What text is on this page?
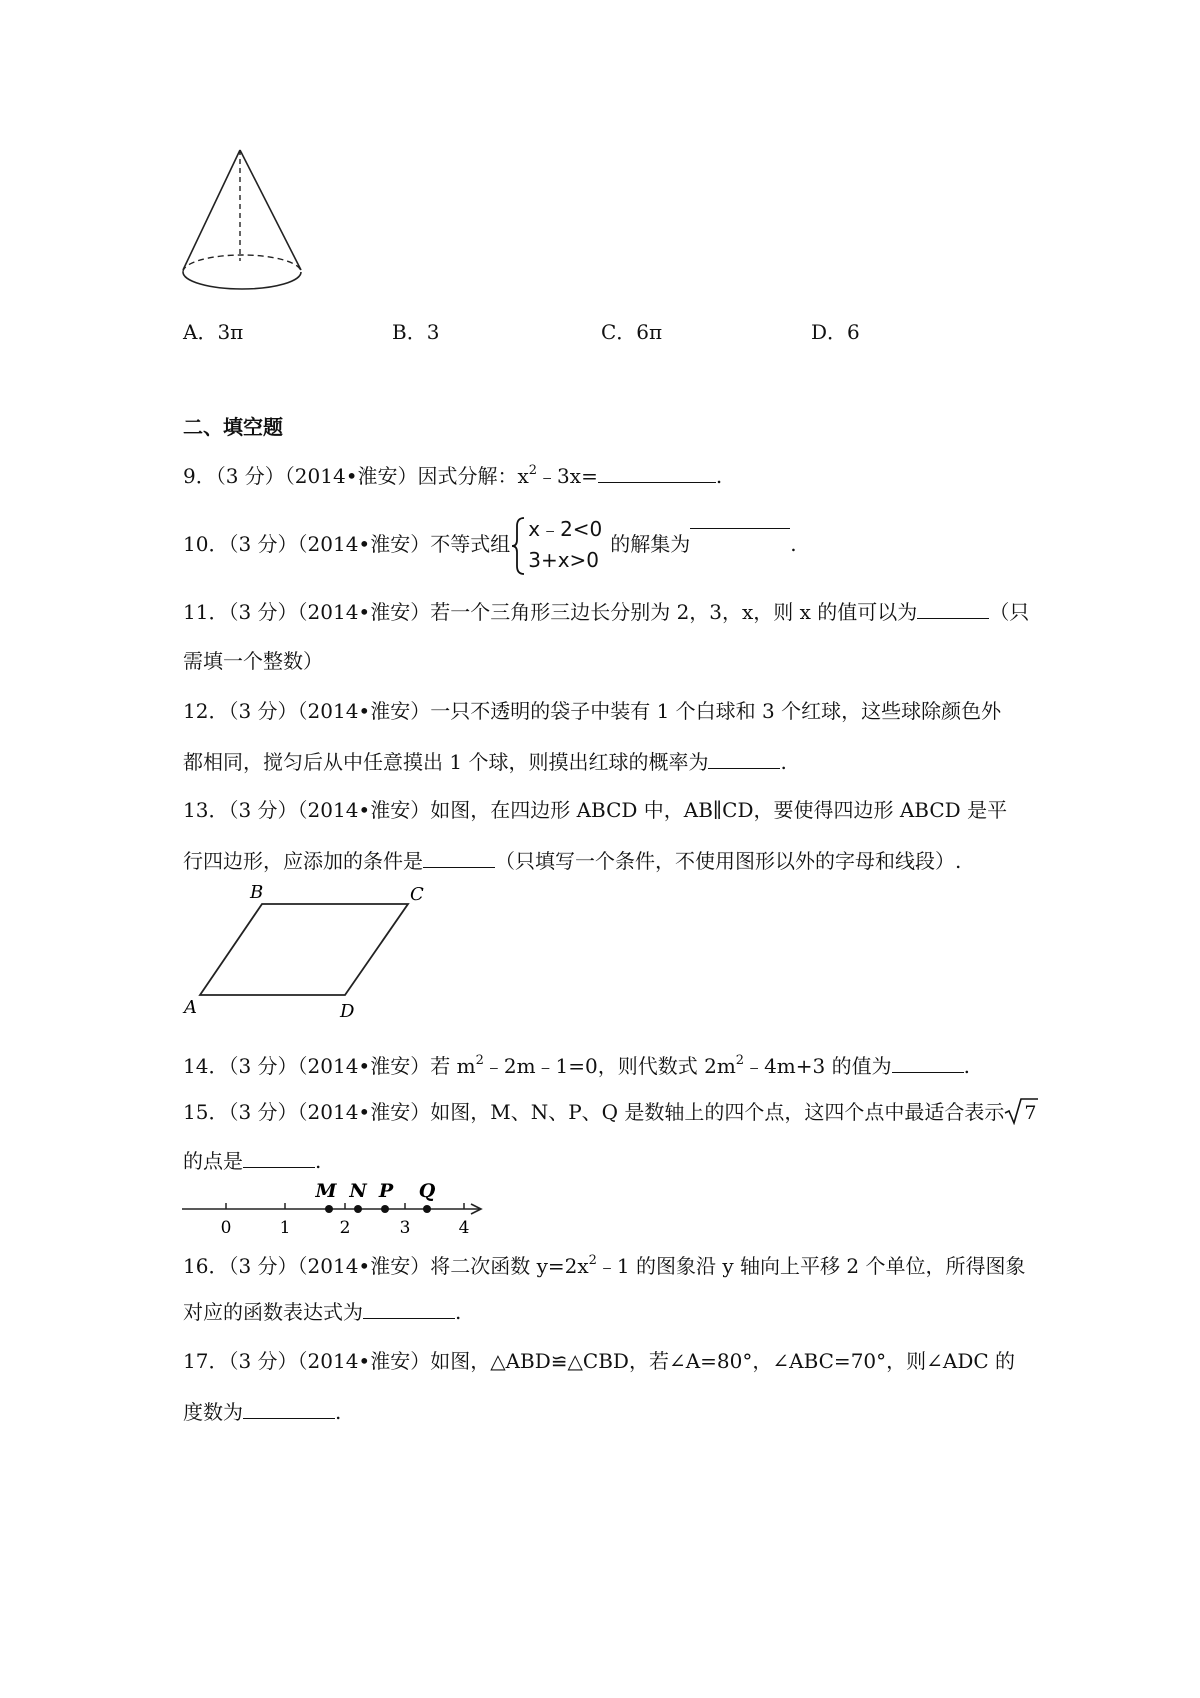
A．3π	B．3	C．6π	D．6
二、填空题
9．（3 分）（2014•淮安）因式分解：$x^2﹣3x=$	.
10．（3 分）（2014•淮安）不等式组
x﹣2<0
3+x>0
的解集为	.
11．（3 分）（2014•淮安）若一个三角形三边长分别为 2，3，x，则 x 的值可以为	（只
需填一个整数）
12．（3 分）（2014•淮安）一只不透明的袋子中装有 1 个白球和 3 个红球，这些球除颜色外
都相同，搅匀后从中任意摸出 1 个球，则摸出红球的概率为	.
13．（3 分）（2014•淮安）如图，在四边形 ABCD 中，AB∥CD，要使得四边形 ABCD 是平
行四边形，应添加的条件是	（只填写一个条件，不使用图形以外的字母和线段）.
A
B	C
D
14．（3 分）（2014•淮安）若 $m^2﹣2m﹣1=0$，则代数式 $2m^2﹣4m+3$ 的值为	.
15．（3 分）（2014•淮安）如图，M、N、P、Q 是数轴上的四个点，这四个点中最适合表示 7
的点是	.
0	1	2	3	4
M N P Q
16．（3 分）（2014•淮安）将二次函数 $y=2x^2﹣1$ 的图象沿 y 轴向上平移 2 个单位，所得图象
对应的函数表达式为	.
17．（3 分）（2014•淮安）如图，△ABD≌△CBD，若∠A=80°，∠ABC=70°，则∠ADC 的
度数为	.
